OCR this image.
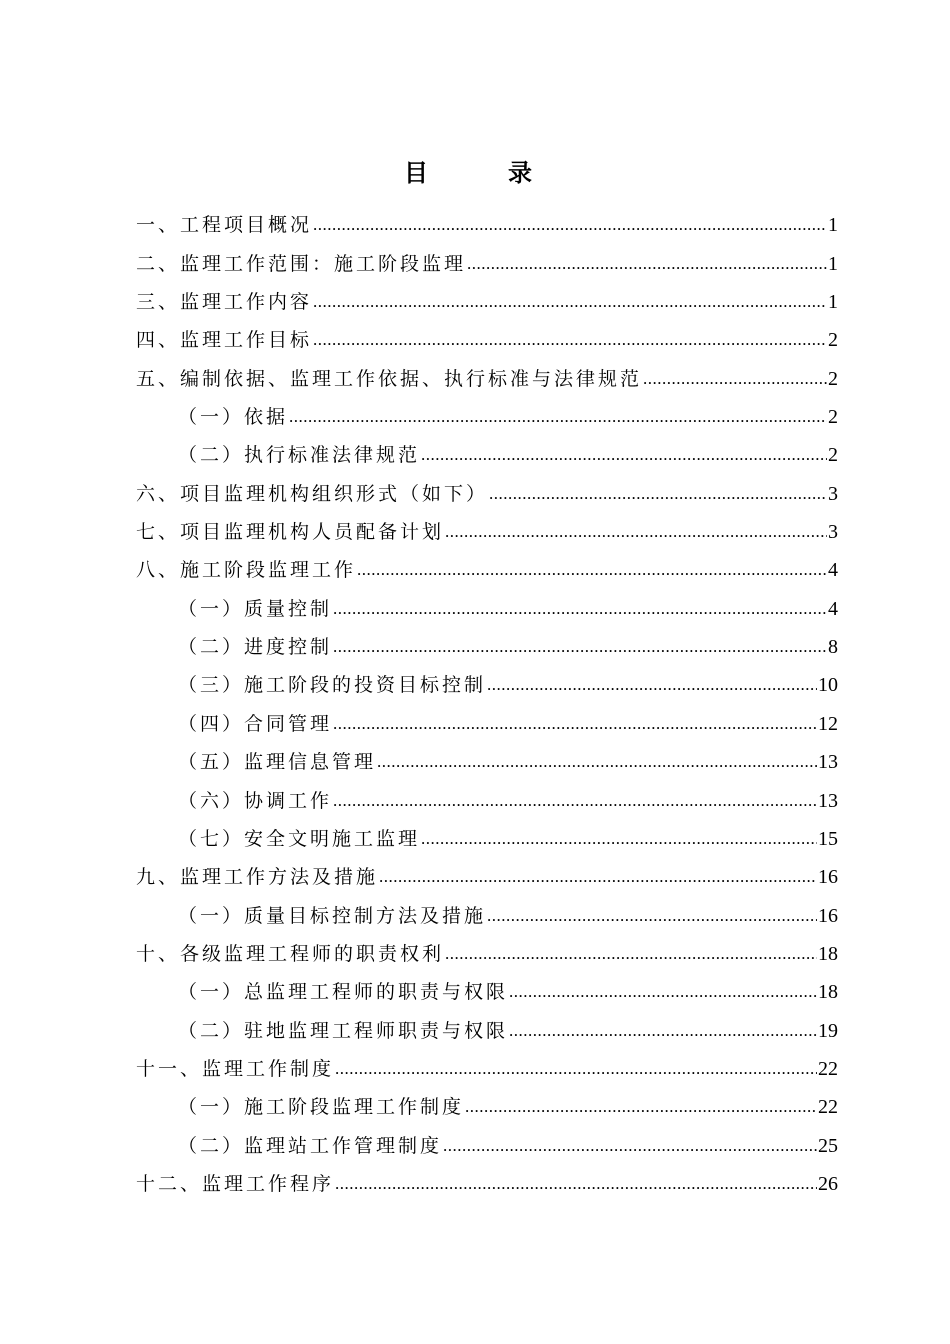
目　录
一、工程项目概况 .....	1
二、监理工作范围：施工阶段监理 .....	1
三、监理工作内容 .....	1
四、监理工作目标 .....	2
五、编制依据、监理工作依据、执行标准与法律规范 .....	2
（一）依据 .....	2
（二）执行标准法律规范 .....	2
六、项目监理机构组织形式（如下） .....	3
七、项目监理机构人员配备计划 .....	3
八、施工阶段监理工作 .....	4
（一）质量控制 .....	4
（二）进度控制 .....	8
（三）施工阶段的投资目标控制 .....	10
（四）合同管理 .....	12
（五）监理信息管理 .....	13
（六）协调工作 .....	13
（七）安全文明施工监理 .....	15
九、监理工作方法及措施 .....	16
（一）质量目标控制方法及措施 .....	16
十、各级监理工程师的职责权利 .....	18
（一）总监理工程师的职责与权限 .....	18
（二）驻地监理工程师职责与权限 .....	19
十一、监理工作制度 .....	22
（一）施工阶段监理工作制度 .....	22
（二）监理站工作管理制度 .....	25
十二、监理工作程序 .....	26
